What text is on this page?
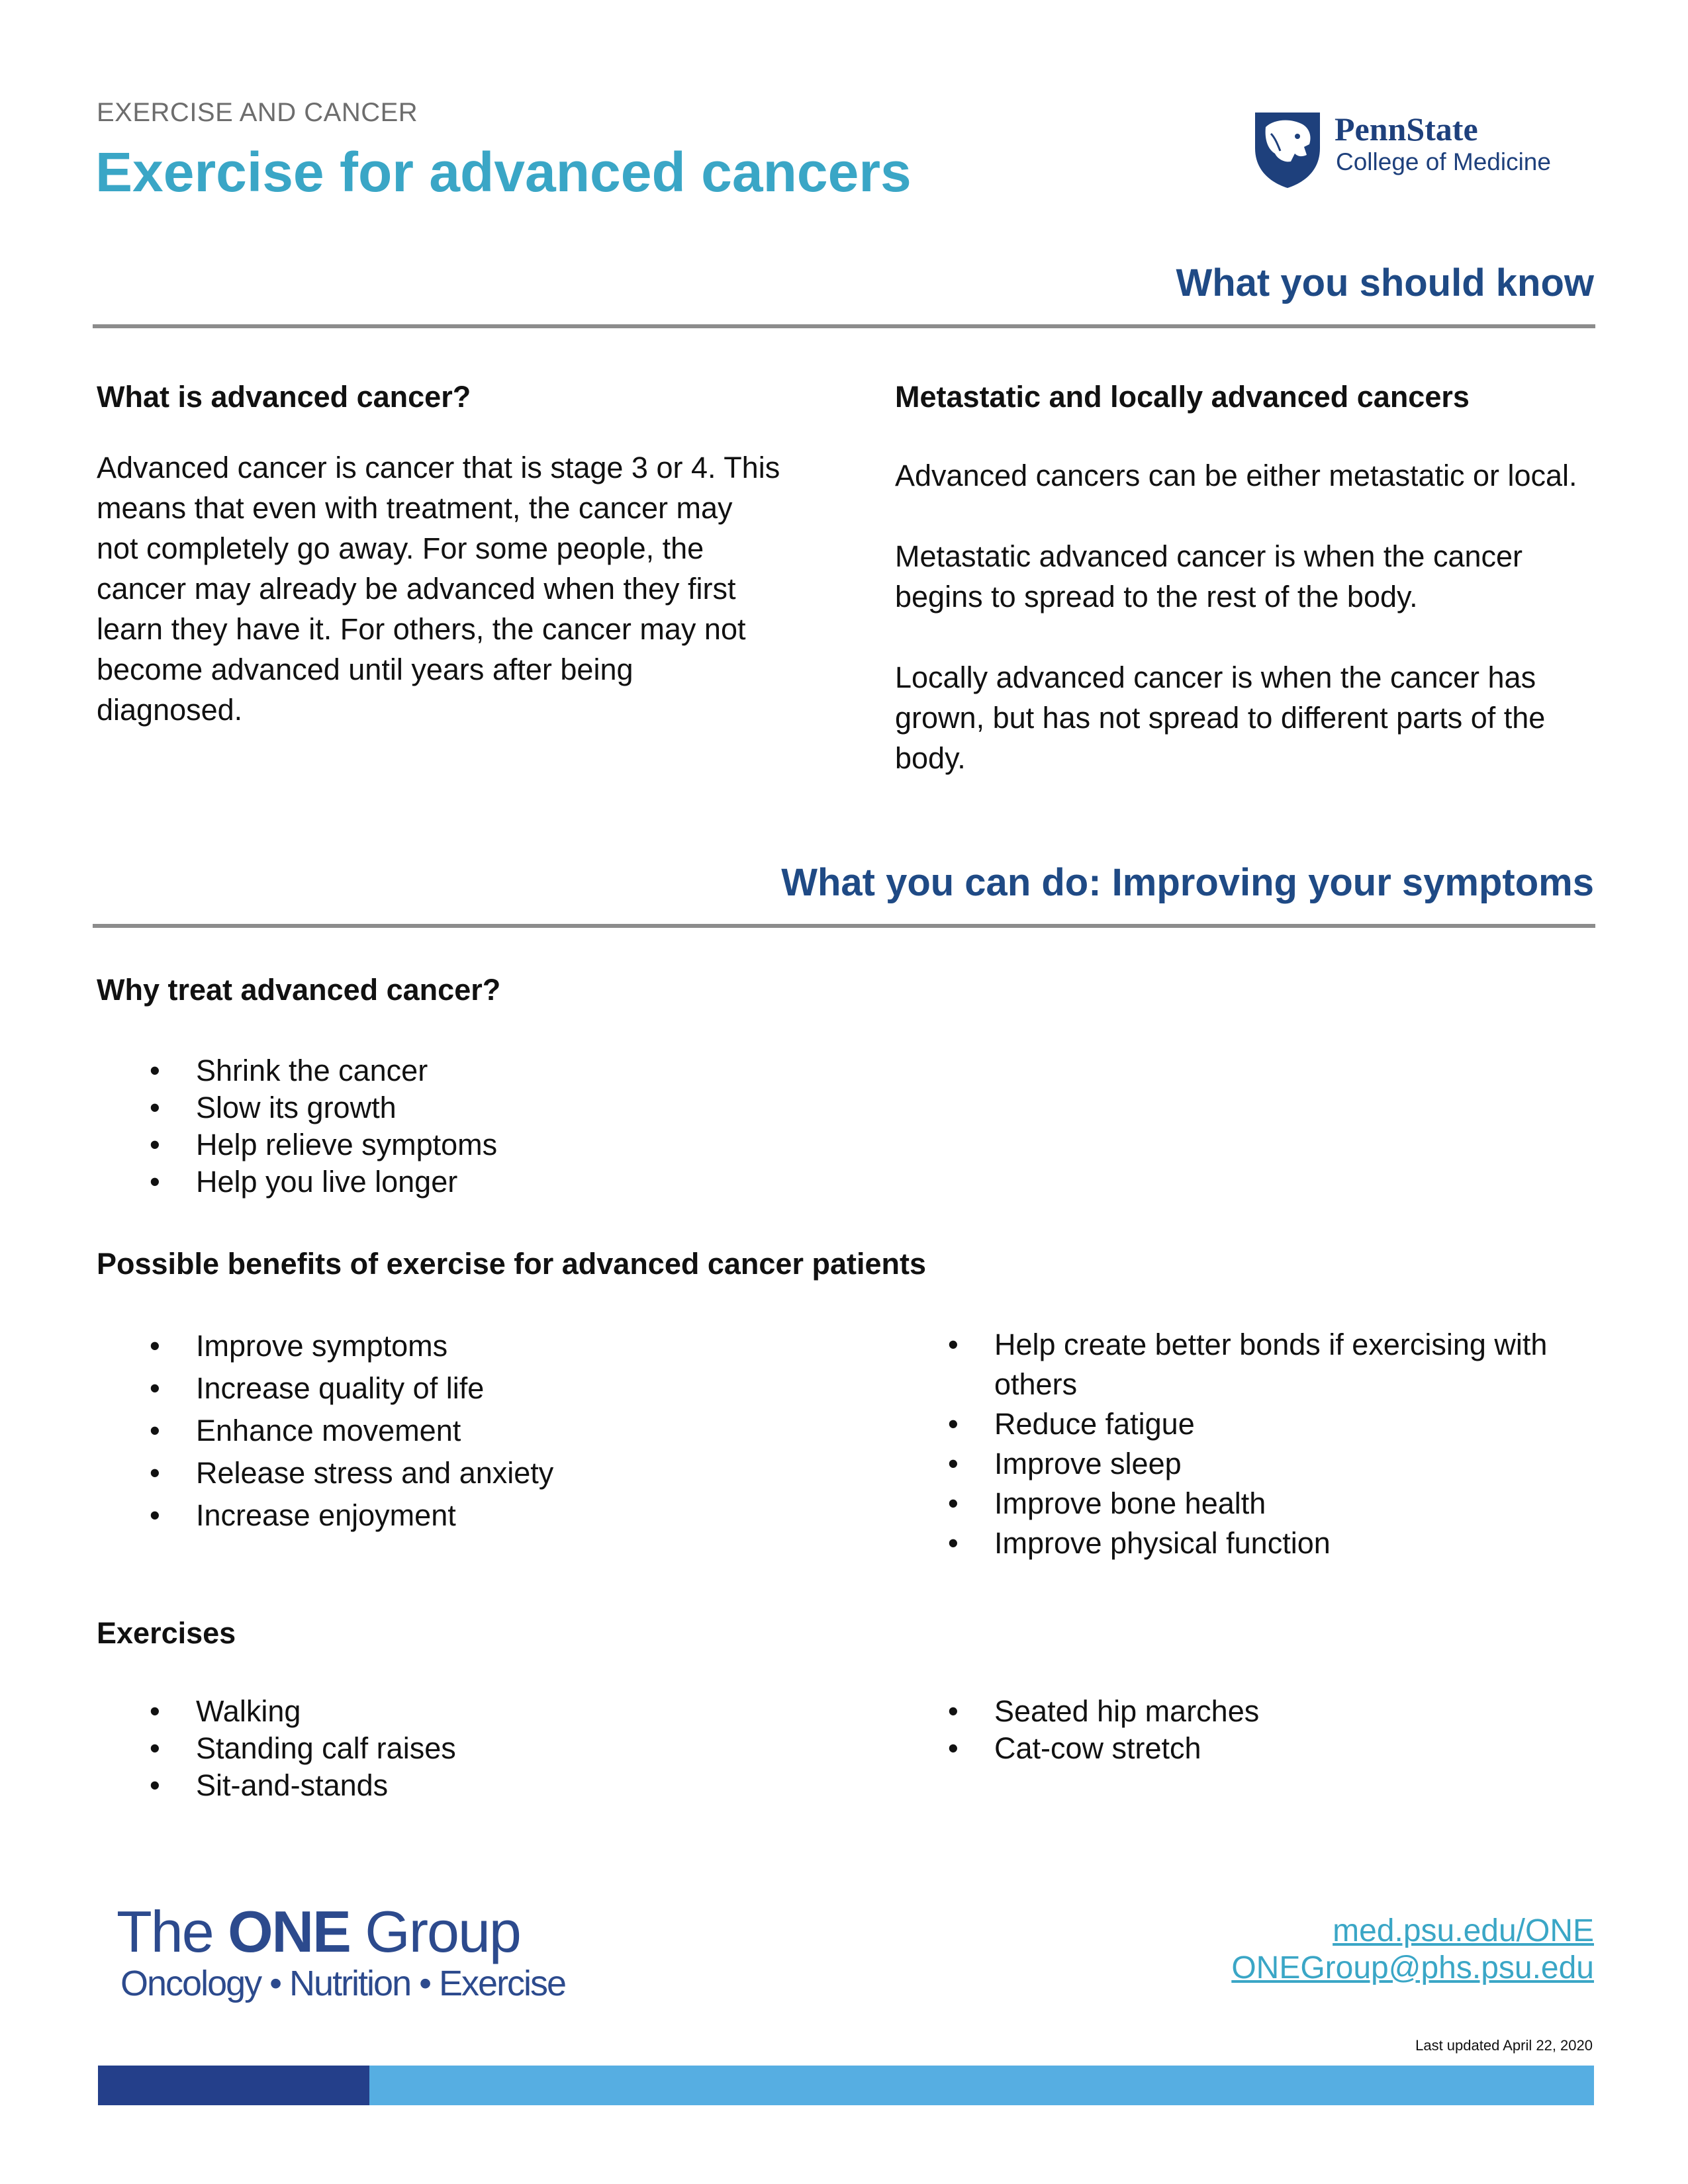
EXERCISE AND CANCER
Exercise for advanced cancers
PennState
College of Medicine
What you should know
What is advanced cancer?
Advanced cancer is cancer that is stage 3 or 4. This
means that even with treatment, the cancer may
not completely go away. For some people, the
cancer may already be advanced when they first
learn they have it. For others, the cancer may not
become advanced until years after being
diagnosed.
Metastatic and locally advanced cancers
Advanced cancers can be either metastatic or local.
Metastatic advanced cancer is when the cancer
begins to spread to the rest of the body.
Locally advanced cancer is when the cancer has
grown, but has not spread to different parts of the
body.
What you can do: Improving your symptoms
Why treat advanced cancer?
• Shrink the cancer
• Slow its growth
• Help relieve symptoms
• Help you live longer
Possible benefits of exercise for advanced cancer patients
• Improve symptoms
• Increase quality of life
• Enhance movement
• Release stress and anxiety
• Increase enjoyment
• Help create better bonds if exercising with
others
• Reduce fatigue
• Improve sleep
• Improve bone health
• Improve physical function
Exercises
• Walking
• Standing calf raises
• Sit-and-stands
• Seated hip marches
• Cat-cow stretch
The ONE Group
Oncology • Nutrition • Exercise
med.psu.edu/ONE
ONEGroup@phs.psu.edu
Last updated April 22, 2020
